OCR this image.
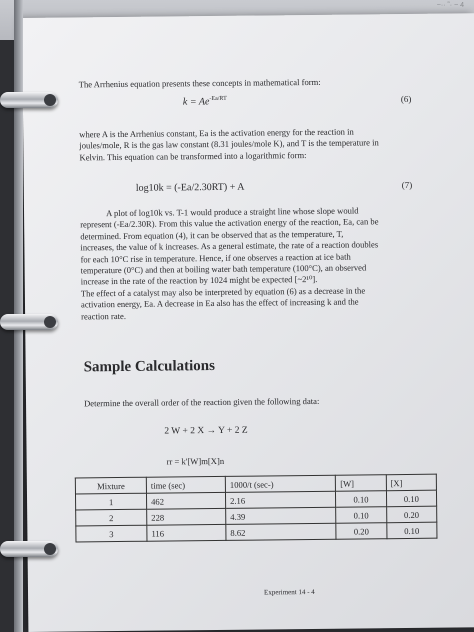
~·· ˜· ~ 4
The Arrhenius equation presents these concepts in mathematical form:
$k = Ae^{-Ea/RT}$	(6)
where A is the Arrhenius constant, Ea is the activation energy for the reaction in
joules/mole, R is the gas law constant (8.31 joules/mole K), and T is the temperature in
Kelvin. This equation can be transformed into a logarithmic form:
log10k = (-Ea/2.30RT) + A	(7)
A plot of log10k vs. T-1 would produce a straight line whose slope would
represent (-Ea/2.30R). From this value the activation energy of the reaction, Ea, can be
determined. From equation (4), it can be observed that as the temperature, T,
increases, the value of k increases. As a general estimate, the rate of a reaction doubles
for each 10°C rise in temperature. Hence, if one observes a reaction at ice bath
temperature (0°C) and then at boiling water bath temperature (100°C), an observed
increase in the rate of the reaction by 1024 might be expected [~2¹⁰].
The effect of a catalyst may also be interpreted by equation (6) as a decrease in the
activation energy, Ea. A decrease in Ea also has the effect of increasing k and the
reaction rate.
Sample Calculations
Determine the overall order of the reaction given the following data:
2 W + 2 X → Y + 2 Z
rr = k'[W]m[X]n
Mixture	time (sec)	1000/t (sec-)	[W]	[X]
1	462	2.16	0.10	0.10
2	228	4.39	0.10	0.20
3	116	8.62	0.20	0.10
Experiment 14 - 4
